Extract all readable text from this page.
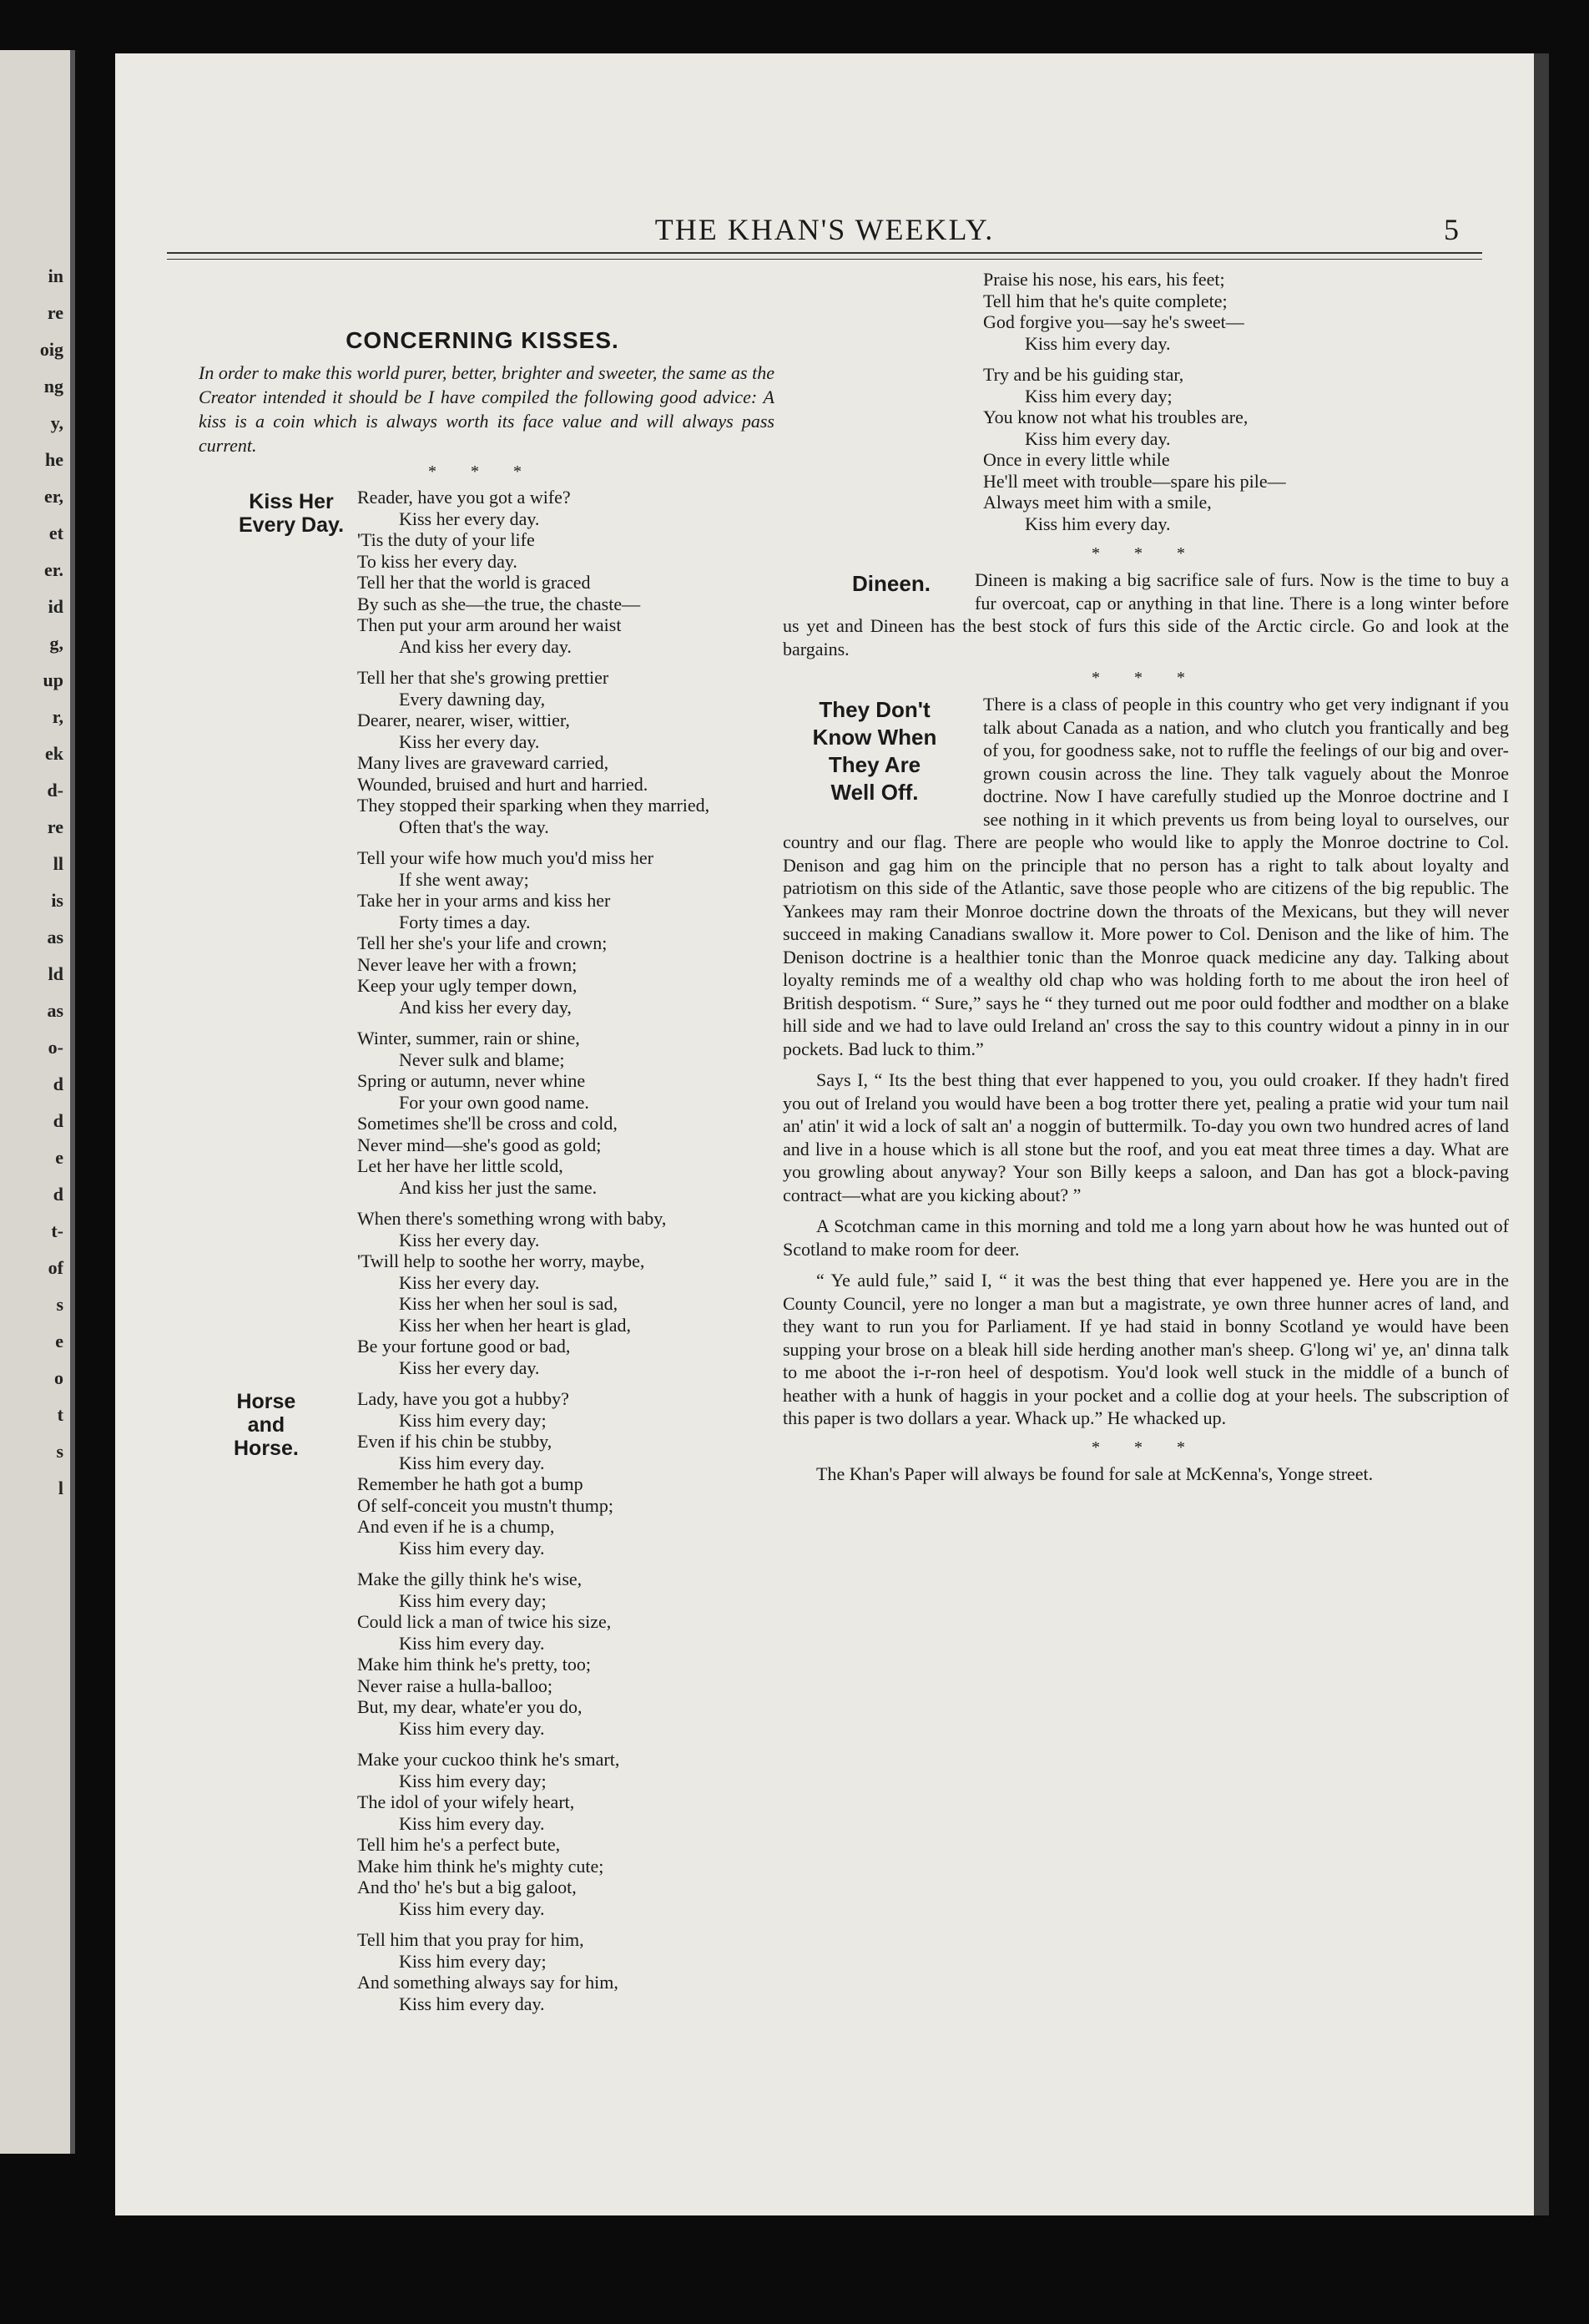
in
re
oig
ng
y,
he
er,
et
er.
id
g,
up
r,
ek
d-
re
ll
is
as
ld
as
o-
d
d
e
d
t-
of
s
e
o
t
s
l
THE KHAN'S WEEKLY.	5
CONCERNING KISSES.
In order to make this world purer, better, brighter and sweeter, the same as the Creator intended it should be I have compiled the following good advice: A kiss is a coin which is always worth its face value and will always pass current.
* * *
Kiss Her
Every Day.
Reader, have you got a wife?
Kiss her every day.
'Tis the duty of your life
To kiss her every day.
Tell her that the world is graced
By such as she—the true, the chaste—
Then put your arm around her waist
And kiss her every day.
Tell her that she's growing prettier
Every dawning day,
Dearer, nearer, wiser, wittier,
Kiss her every day.
Many lives are graveward carried,
Wounded, bruised and hurt and harried.
They stopped their sparking when they married,
Often that's the way.
Tell your wife how much you'd miss her
If she went away;
Take her in your arms and kiss her
Forty times a day.
Tell her she's your life and crown;
Never leave her with a frown;
Keep your ugly temper down,
And kiss her every day,
Winter, summer, rain or shine,
Never sulk and blame;
Spring or autumn, never whine
For your own good name.
Sometimes she'll be cross and cold,
Never mind—she's good as gold;
Let her have her little scold,
And kiss her just the same.
When there's something wrong with baby,
Kiss her every day.
'Twill help to soothe her worry, maybe,
Kiss her every day.
Kiss her when her soul is sad,
Kiss her when her heart is glad,
Be your fortune good or bad,
Kiss her every day.
Horse
and
Horse.
Lady, have you got a hubby?
Kiss him every day;
Even if his chin be stubby,
Kiss him every day.
Remember he hath got a bump
Of self-conceit you mustn't thump;
And even if he is a chump,
Kiss him every day.
Make the gilly think he's wise,
Kiss him every day;
Could lick a man of twice his size,
Kiss him every day.
Make him think he's pretty, too;
Never raise a hulla-balloo;
But, my dear, whate'er you do,
Kiss him every day.
Make your cuckoo think he's smart,
Kiss him every day;
The idol of your wifely heart,
Kiss him every day.
Tell him he's a perfect bute,
Make him think he's mighty cute;
And tho' he's but a big galoot,
Kiss him every day.
Tell him that you pray for him,
Kiss him every day;
And something always say for him,
Kiss him every day.
Praise his nose, his ears, his feet;
Tell him that he's quite complete;
God forgive you—say he's sweet—
Kiss him every day.
Try and be his guiding star,
Kiss him every day;
You know not what his troubles are,
Kiss him every day.
Once in every little while
He'll meet with trouble—spare his pile—
Always meet him with a smile,
Kiss him every day.
* * *

Dineen.	Dineen is making a big sacrifice sale of furs. Now is the time to buy a fur overcoat, cap or anything in that line. There is a long winter before us yet and Dineen has the best stock of furs this side of the Arctic circle. Go and look at the bargains.

* * *

They Don't
Know When
They Are
Well Off.
There is a class of people in this country who get very indignant if you talk about Canada as a nation, and who clutch you frantically and beg of you, for goodness sake, not to ruffle the feelings of our big and over-grown cousin across the line. They talk vaguely about the Monroe doctrine. Now I have carefully studied up the Monroe doctrine and I see nothing in it which prevents us from being loyal to ourselves, our country and our flag. There are people who would like to apply the Monroe doctrine to Col. Denison and gag him on the principle that no person has a right to talk about loyalty and patriotism on this side of the Atlantic, save those people who are citizens of the big republic. The Yankees may ram their Monroe doctrine down the throats of the Mexicans, but they will never succeed in making Canadians swallow it. More power to Col. Denison and the like of him. The Denison doctrine is a healthier tonic than the Monroe quack medicine any day. Talking about loyalty reminds me of a wealthy old chap who was holding forth to me about the iron heel of British despotism. “ Sure,” says he “ they turned out me poor ould fodther and modther on a blake hill side and we had to lave ould Ireland an' cross the say to this country widout a pinny in in our pockets. Bad luck to thim.”

Says I, “ Its the best thing that ever happened to you, you ould croaker. If they hadn't fired you out of Ireland you would have been a bog trotter there yet, pealing a pratie wid your tum nail an' atin' it wid a lock of salt an' a noggin of buttermilk. To-day you own two hundred acres of land and live in a house which is all stone but the roof, and you eat meat three times a day. What are you growling about anyway? Your son Billy keeps a saloon, and Dan has got a block-paving contract—what are you kicking about? ”

A Scotchman came in this morning and told me a long yarn about how he was hunted out of Scotland to make room for deer.

“ Ye auld fule,” said I, “ it was the best thing that ever happened ye. Here you are in the County Council, yere no longer a man but a magistrate, ye own three hunner acres of land, and they want to run you for Parliament. If ye had staid in bonny Scotland ye would have been supping your brose on a bleak hill side herding another man's sheep. G'long wi' ye, an' dinna talk to me aboot the i-r-ron heel of despotism. You'd look well stuck in the middle of a bunch of heather with a hunk of haggis in your pocket and a collie dog at your heels. The subscription of this paper is two dollars a year. Whack up.” He whacked up.

* * *

The Khan's Paper will always be found for sale at McKenna's, Yonge street.
